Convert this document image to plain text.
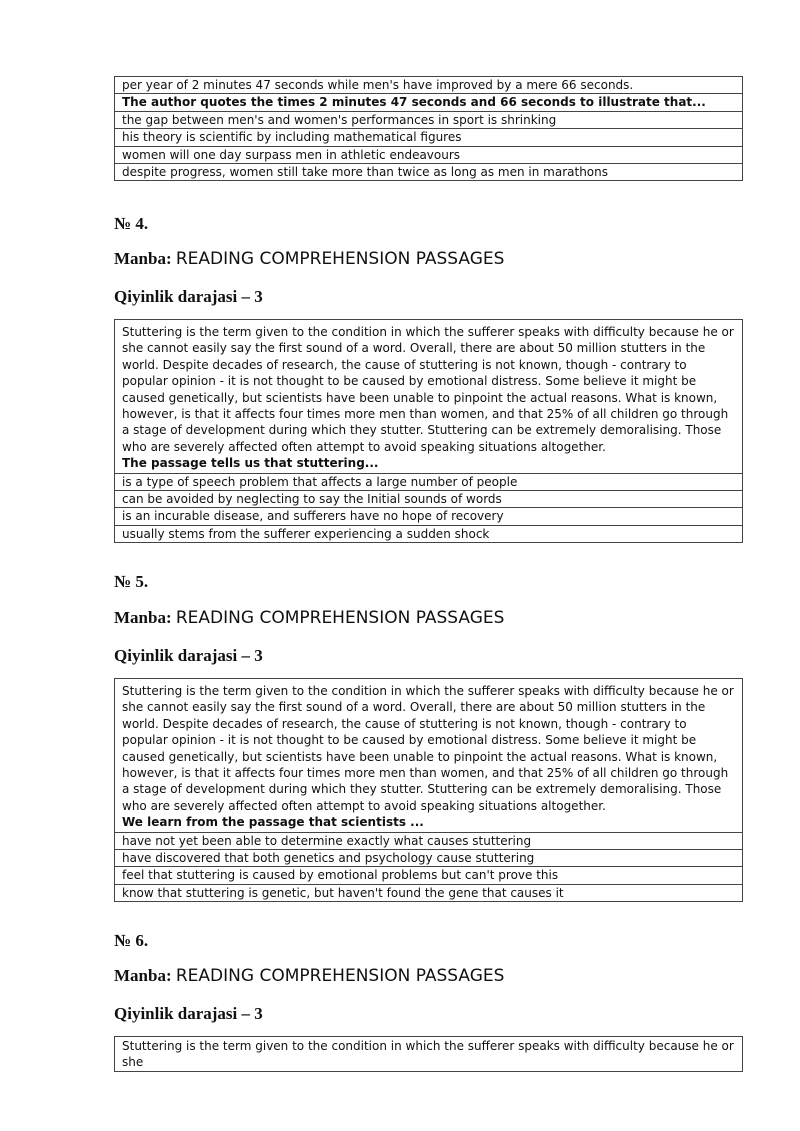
per year of 2 minutes 47 seconds while men's have improved by a mere 66 seconds.
The author quotes the times 2 minutes 47 seconds and 66 seconds to illustrate that...
the gap between men's and women's performances in sport is shrinking
his theory is scientific by including mathematical figures
women will one day surpass men in athletic endeavours
despite progress, women still take more than twice as long as men in marathons
№ 4.
Manba: READING COMPREHENSION PASSAGES
Qiyinlik darajasi – 3
Stuttering is the term given to the condition in which the sufferer speaks with difficulty because he or she cannot easily say the first sound of a word. Overall, there are about 50 million stutters in the world. Despite decades of research, the cause of stuttering is not known, though - contrary to popular opinion - it is not thought to be caused by emotional distress. Some believe it might be caused genetically, but scientists have been unable to pinpoint the actual reasons. What is known, however, is that it affects four times more men than women, and that 25% of all children go through a stage of development during which they stutter. Stuttering can be extremely demoralising. Those who are severely affected often attempt to avoid speaking situations altogether.
The passage tells us that stuttering...
is a type of speech problem that affects a large number of people
can be avoided by neglecting to say the Initial sounds of words
is an incurable disease, and sufferers have no hope of recovery
usually stems from the sufferer experiencing a sudden shock
№ 5.
Manba: READING COMPREHENSION PASSAGES
Qiyinlik darajasi – 3
Stuttering is the term given to the condition in which the sufferer speaks with difficulty because he or she cannot easily say the first sound of a word. Overall, there are about 50 million stutters in the world. Despite decades of research, the cause of stuttering is not known, though - contrary to popular opinion - it is not thought to be caused by emotional distress. Some believe it might be caused genetically, but scientists have been unable to pinpoint the actual reasons. What is known, however, is that it affects four times more men than women, and that 25% of all children go through a stage of development during which they stutter. Stuttering can be extremely demoralising. Those who are severely affected often attempt to avoid speaking situations altogether.
We learn from the passage that scientists ...
have not yet been able to determine exactly what causes stuttering
have discovered that both genetics and psychology cause stuttering
feel that stuttering is caused by emotional problems but can't prove this
know that stuttering is genetic, but haven't found the gene that causes it
№ 6.
Manba: READING COMPREHENSION PASSAGES
Qiyinlik darajasi – 3
Stuttering is the term given to the condition in which the sufferer speaks with difficulty because he or she
